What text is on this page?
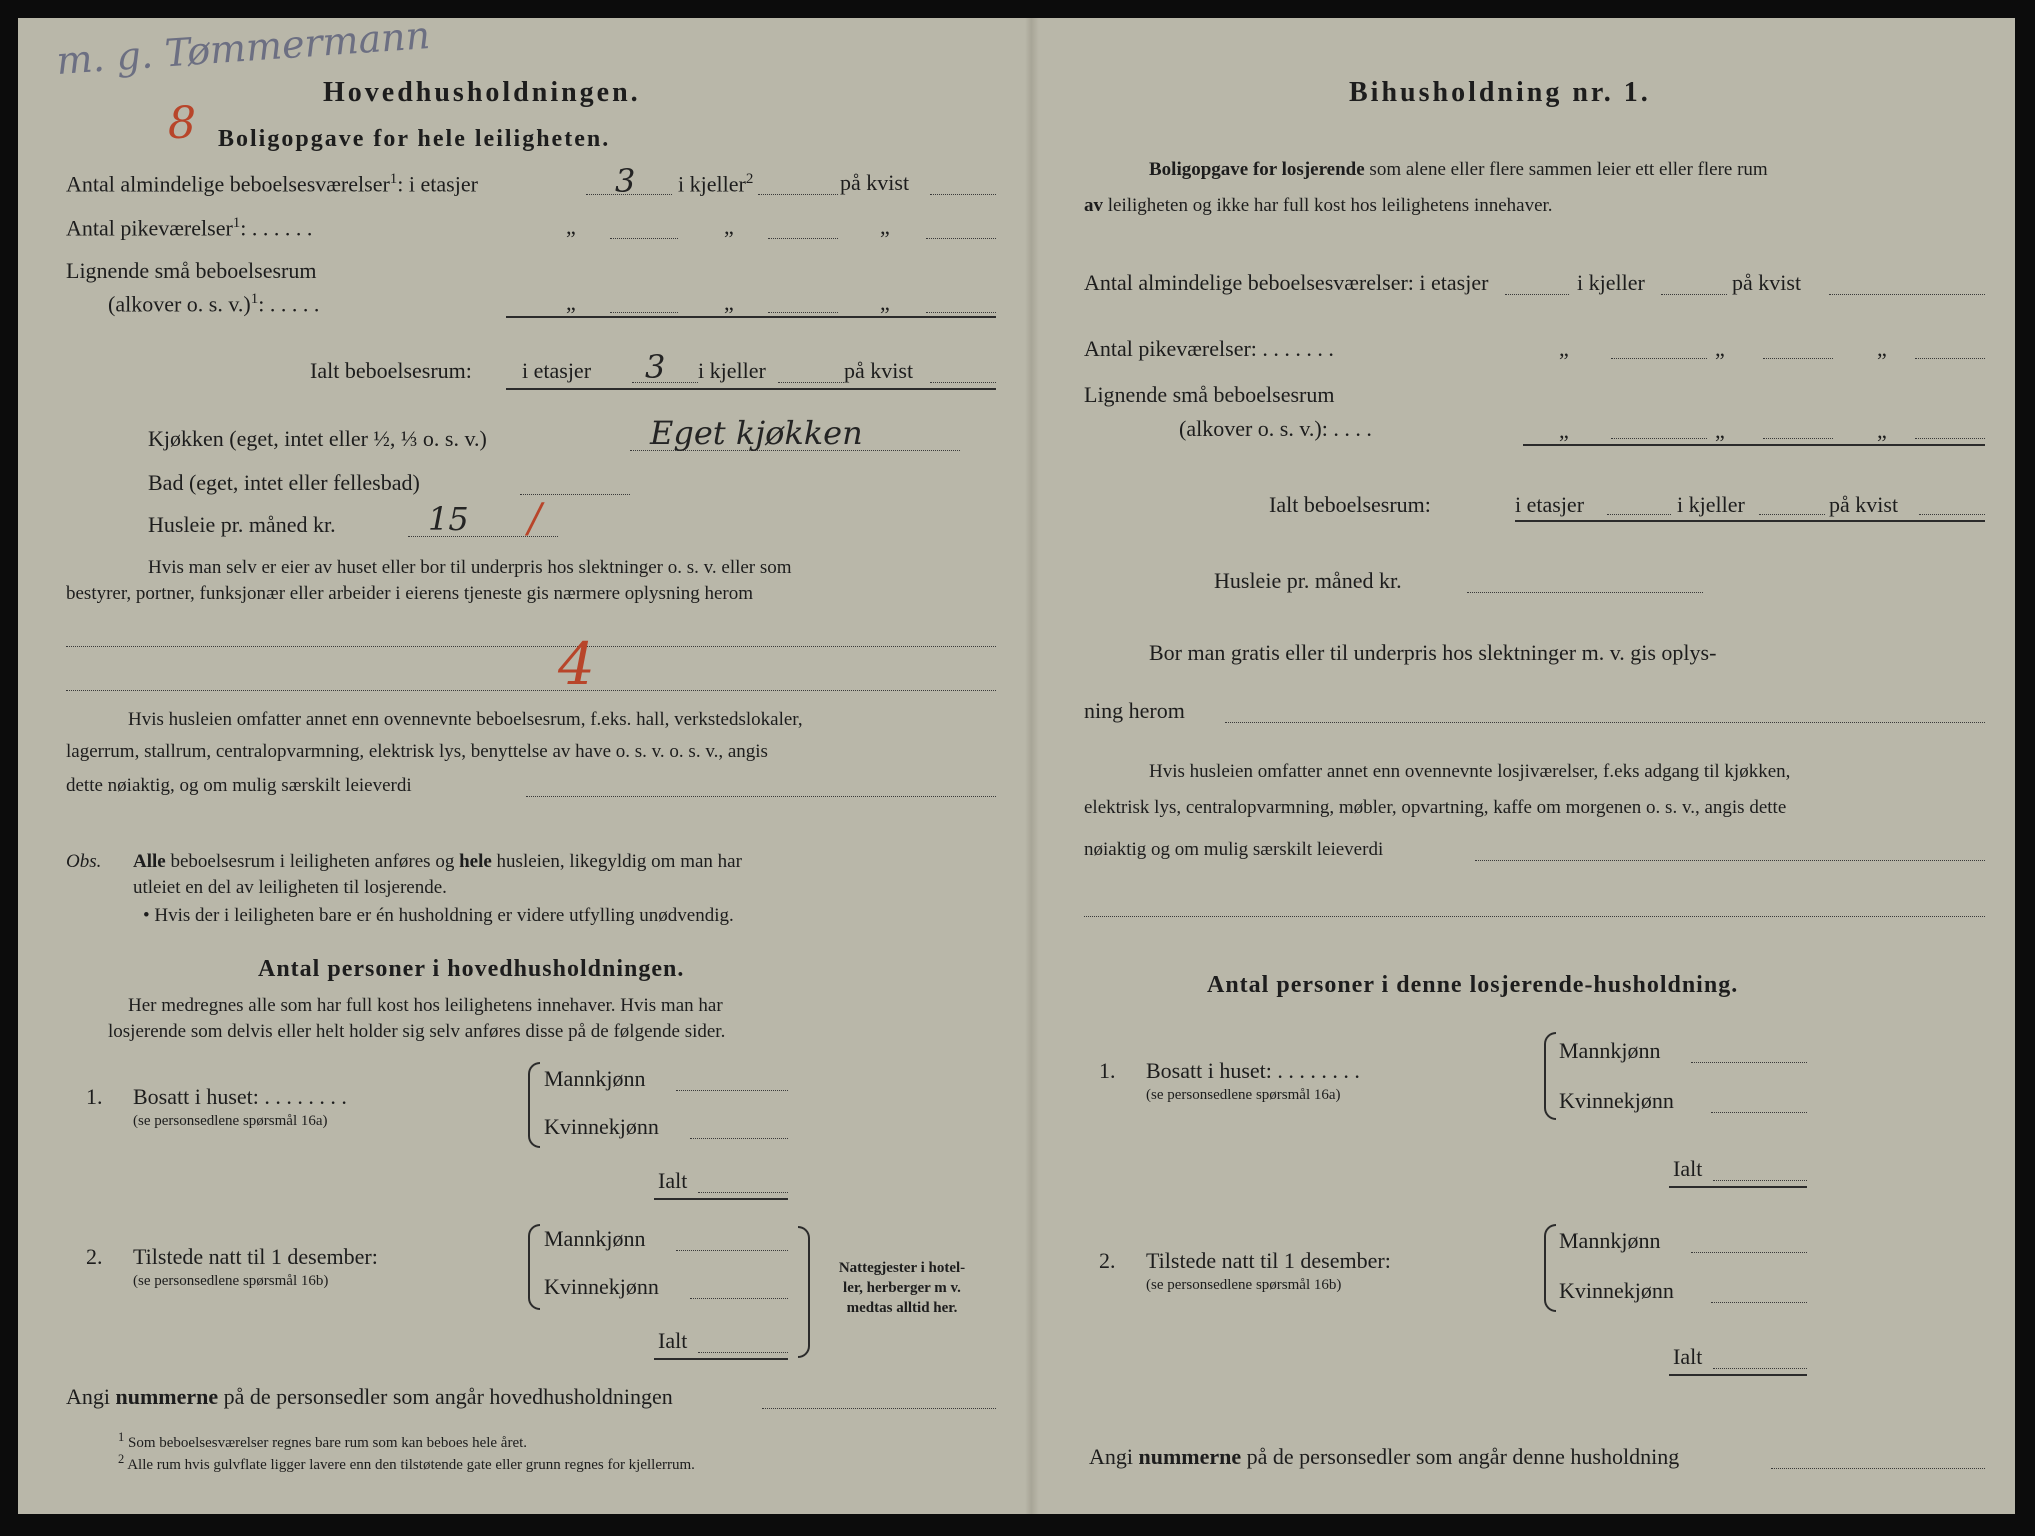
m. g. Tømmermann
8
Hovedhusholdningen.
Boligopgave for hele leiligheten.
Antal almindelige beboelsesværelser$^1$: i etasjer	3 i kjeller$^2$	på kvist
Antal pikeværelser$^1$: . . . . . .	„	„	„
Lignende små beboelsesrum
(alkover o. s. v.)$^1$: . . . . .	„	„	„
Ialt beboelsesrum: i etasjer 3 i kjeller	på kvist
Kjøkken (eget, intet eller ½, ⅓ o. s. v.)	Eget kjøkken
Bad (eget, intet eller fellesbad)
Husleie pr. måned kr.	15 /
Hvis man selv er eier av huset eller bor til underpris hos slektninger o. s. v. eller som
bestyrer, portner, funksjonær eller arbeider i eierens tjeneste gis nærmere oplysning herom
4
Hvis husleien omfatter annet enn ovennevnte beboelsesrum, f.eks. hall, verkstedslokaler,
lagerrum, stallrum, centralopvarmning, elektrisk lys, benyttelse av have o. s. v. o. s. v., angis
dette nøiaktig, og om mulig særskilt leieverdi
Obs. Alle beboelsesrum i leiligheten anføres og hele husleien, likegyldig om man har
utleiet en del av leiligheten til losjerende.
• Hvis der i leiligheten bare er én husholdning er videre utfylling unødvendig.
Antal personer i hovedhusholdningen.
Her medregnes alle som har full kost hos leilighetens innehaver. Hvis man har
losjerende som delvis eller helt holder sig selv anføres disse på de følgende sider.
1. Bosatt i huset: . . . . . . . .
(se personsedlene spørsmål 16a)
Mannkjønn
Kvinnekjønn
Ialt
2. Tilstede natt til 1 desember:
(se personsedlene spørsmål 16b)
Mannkjønn
Kvinnekjønn
Ialt
Nattegjester i hotel-
ler, herberger m v.
medtas alltid her.
Angi nummerne på de personsedler som angår hovedhusholdningen
$^1$ Som beboelsesværelser regnes bare rum som kan beboes hele året.
$^2$ Alle rum hvis gulvflate ligger lavere enn den tilstøtende gate eller grunn regnes for kjellerrum.
Bihusholdning nr. 1.
Boligopgave for losjerende som alene eller flere sammen leier ett eller flere rum
av leiligheten og ikke har full kost hos leilighetens innehaver.
Antal almindelige beboelsesværelser: i etasjer	i kjeller	på kvist
Antal pikeværelser: . . . . . . .	„	„	„
Lignende små beboelsesrum
(alkover o. s. v.): . . . .	„	„	„
Ialt beboelsesrum:	i etasjer	i kjeller	på kvist
Husleie pr. måned kr.
Bor man gratis eller til underpris hos slektninger m. v. gis oplys-
ning herom
Hvis husleien omfatter annet enn ovennevnte losjiværelser, f.eks adgang til kjøkken,
elektrisk lys, centralopvarmning, møbler, opvartning, kaffe om morgenen o. s. v., angis dette
nøiaktig og om mulig særskilt leieverdi
Antal personer i denne losjerende-husholdning.
1. Bosatt i huset: . . . . . . . .
(se personsedlene spørsmål 16a)
Mannkjønn
Kvinnekjønn
Ialt
2. Tilstede natt til 1 desember:
(se personsedlene spørsmål 16b)
Mannkjønn
Kvinnekjønn
Ialt
Angi nummerne på de personsedler som angår denne husholdning
